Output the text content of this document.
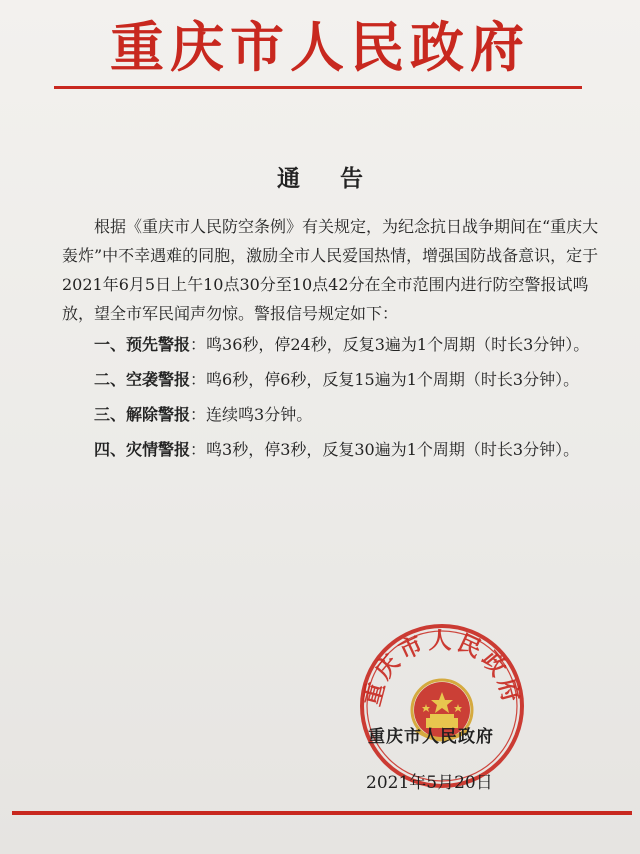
重庆市人民政府
通告

根据《重庆市人民防空条例》有关规定，为纪念抗日战争期间在“重庆大轰炸”中不幸遇难的同胞，激励全市人民爱国热情，增强国防战备意识，定于2021年6月5日上午10点30分至10点42分在全市范围内进行防空警报试鸣放，望全市军民闻声勿惊。警报信号规定如下：

一、预先警报：鸣36秒，停24秒，反复3遍为1个周期（时长3分钟）。

二、空袭警报：鸣6秒，停6秒，反复15遍为1个周期（时长3分钟）。

三、解除警报：连续鸣3分钟。

四、灾情警报：鸣3秒，停3秒，反复30遍为1个周期（时长3分钟）。

重庆市人民政府
重庆市人民政府
2021年5月20日
